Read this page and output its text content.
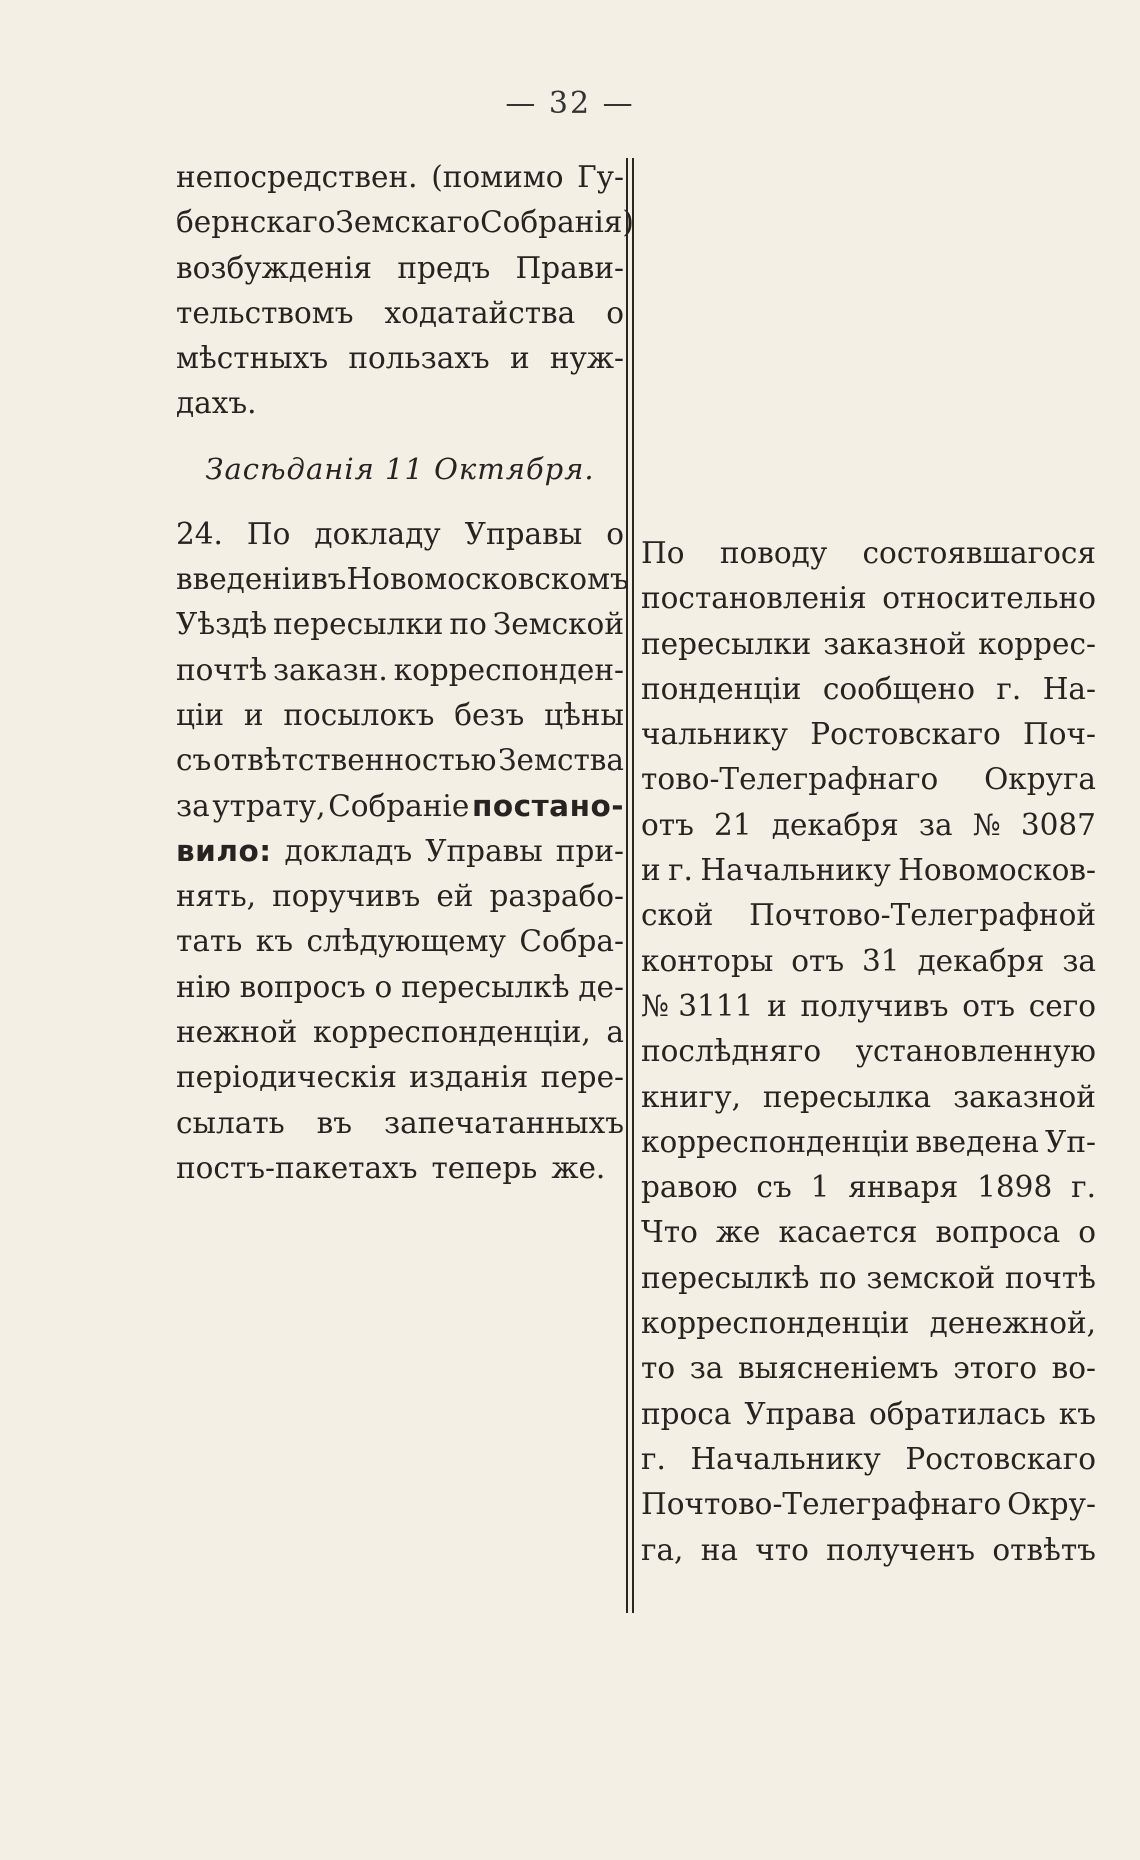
— 32 —
непосредствен. (помимо Гу-
бернскаго Земскаго Собранія)
возбужденія предъ Прави-
тельствомъ ходатайства о
мѣстныхъ пользахъ и нуж-
дахъ.
Засѣданія 11 Октября.
24. По докладу Управы о
введеніи въ Новомосковскомъ
Уѣздѣ пересылки по Земской
почтѣ заказн. корреспонден-
ціи и посылокъ безъ цѣны
съ отвѣтственностью Земства
за утрату, Собраніе постано-
вило: докладъ Управы при-
нять, поручивъ ей разрабо-
тать къ слѣдующему Собра-
нію вопросъ о пересылкѣ де-
нежной корреспонденціи, а
періодическія изданія пере-
сылать въ запечатанныхъ
постъ-пакетахъ теперь же.
По поводу состоявшагося
постановленія относительно
пересылки заказной коррес-
понденціи сообщено г. На-
чальнику Ростовскаго Поч-
тово-Телеграфнаго Округа
отъ 21 декабря за № 3087
и г. Начальнику Новомосков-
ской Почтово-Телеграфной
конторы отъ 31 декабря за
№ 3111 и получивъ отъ сего
послѣдняго установленную
книгу, пересылка заказной
корреспонденціи введена Уп-
равою съ 1 января 1898 г.
Что же касается вопроса о
пересылкѣ по земской почтѣ
корреспонденціи денежной,
то за выясненіемъ этого во-
проса Управа обратилась къ
г. Начальнику Ростовскаго
Почтово-Телеграфнаго Окру-
га, на что полученъ отвѣтъ
